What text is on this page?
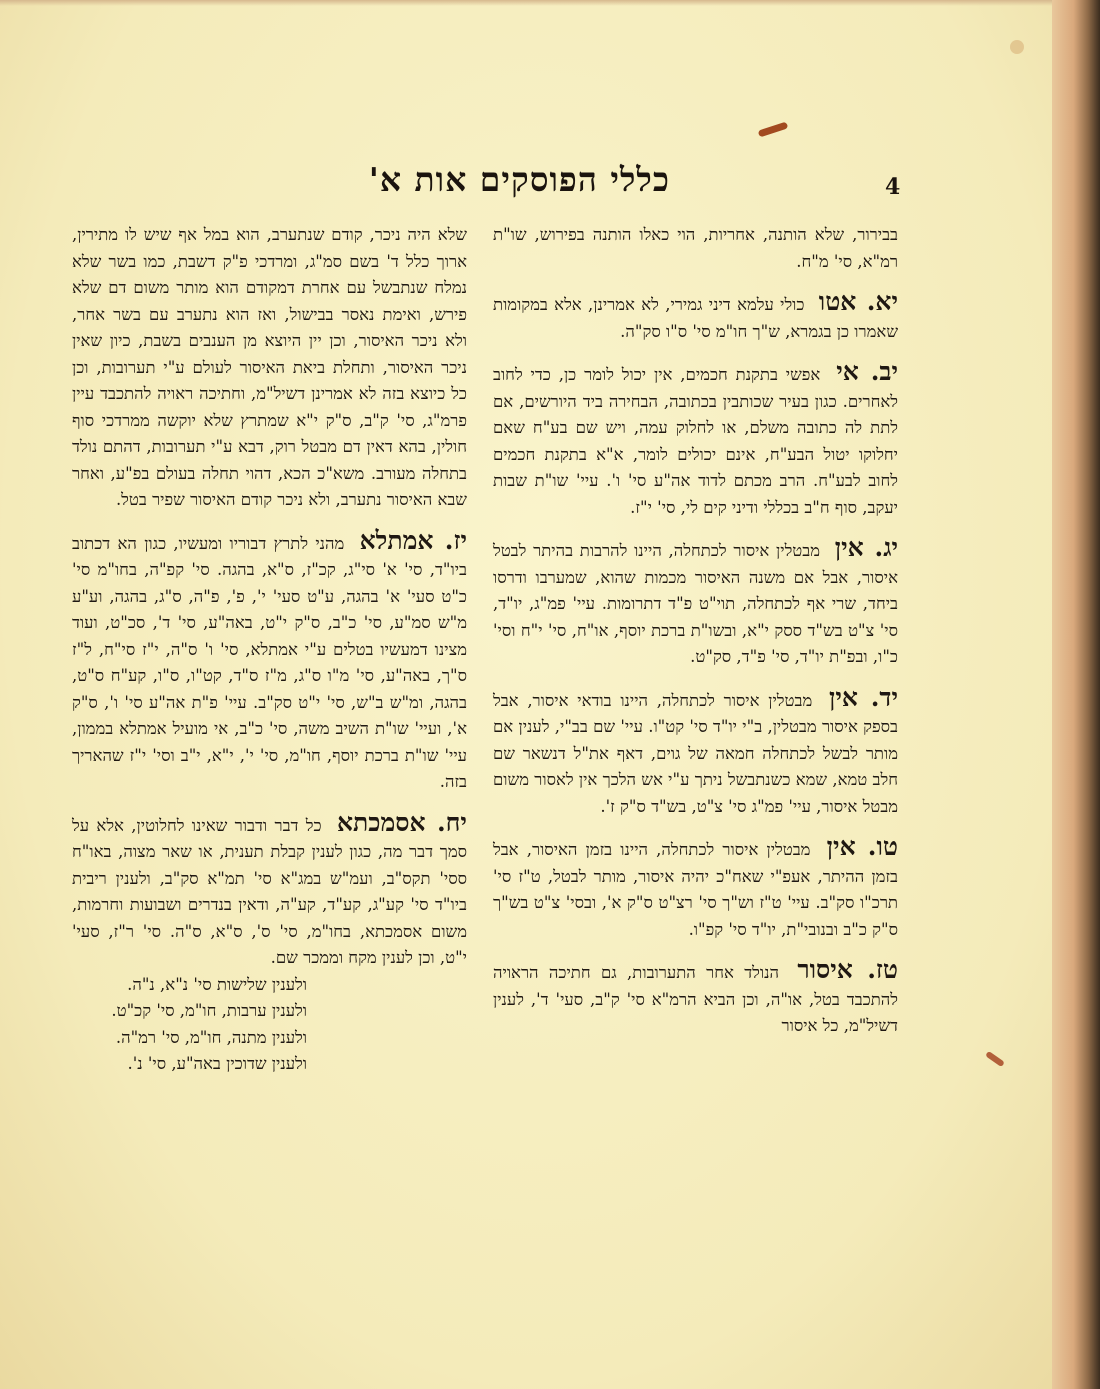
כללי הפוסקים אות א'	4

בבירור, שלא הותנה, אחריות, הוי כאלו הותנה בפירוש, שו"ת רמ"א, סי' מ"ח.

יא. אטו כולי עלמא דיני גמירי, לא אמרינן, אלא במקומות שאמרו כן בגמרא, ש"ך חו"מ סי' ס"ו סק"ה.

יב. אי אפשי בתקנת חכמים, אין יכול לומר כן, כדי לחוב לאחרים. כגון בעיר שכותבין בכתובה, הבחירה ביד היורשים, אם לתת לה כתובה משלם, או לחלוק עמה, ויש שם בע"ח שאם יחלוקו יטול הבע"ח, אינם יכולים לומר, א"א בתקנת חכמים לחוב לבע"ח. הרב מכתם לדוד אה"ע סי' ו'. עיי' שו"ת שבות יעקב, סוף ח"ב בכללי ודיני קים לי, סי' י"ז.

יג. אין מבטלין איסור לכתחלה, היינו להרבות בהיתר לבטל איסור, אבל אם משנה האיסור מכמות שהוא, שמערבו ודרסו ביחד, שרי אף לכתחלה, תוי"ט פ"ד דתרומות. עיי' פמ"ג, יו"ד, סי' צ"ט בש"ד ססק י"א, ובשו"ת ברכת יוסף, או"ח, סי' י"ח וסי' כ"ו, ובפ"ת יו"ד, סי' פ"ד, סק"ט.

יד. אין מבטלין איסור לכתחלה, היינו בודאי איסור, אבל בספק איסור מבטלין, ב"י יו"ד סי' קט"ו. עיי' שם בב"י, לענין אם מותר לבשל לכתחלה חמאה של גוים, דאף את"ל דנשאר שם חלב טמא, שמא כשנתבשל ניתך ע"י אש הלכך אין לאסור משום מבטל איסור, עיי' פמ"ג סי' צ"ט, בש"ד ס"ק ז'.

טו. אין מבטלין איסור לכתחלה, היינו בזמן האיסור, אבל בזמן ההיתר, אעפ"י שאח"כ יהיה איסור, מותר לבטל, ט"ז סי' תרכ"ו סק"ב. עיי' ט"ז וש"ך סי' רצ"ט ס"ק א', ובסי' צ"ט בש"ך ס"ק כ"ב ובנובי"ת, יו"ד סי' קפ"ו.

טז. איסור הנולד אחר התערובות, גם חתיכה הראויה להתכבד בטל, או"ה, וכן הביא הרמ"א סי' ק"ב, סעי' ד', לענין דשיל"מ, כל איסור

שלא היה ניכר, קודם שנתערב, הוא במל אף שיש לו מתירין, ארוך כלל ד' בשם סמ"ג, ומרדכי פ"ק דשבת, כמו בשר שלא נמלח שנתבשל עם אחרת דמקודם הוא מותר משום דם שלא פירש, ואימת נאסר בבישול, ואז הוא נתערב עם בשר אחר, ולא ניכר האיסור, וכן יין היוצא מן הענבים בשבת, כיון שאין ניכר האיסור, ותחלת ביאת האיסור לעולם ע"י תערובות, וכן כל כיוצא בזה לא אמרינן דשיל"מ, וחתיכה ראויה להתכבד עיין פרמ"ג, סי' ק"ב, ס"ק י"א שמתרץ שלא יוקשה ממרדכי סוף חולין, בהא דאין דם מבטל רוק, דבא ע"י תערובות, דהתם נולד בתחלה מעורב. משא"כ הכא, דהוי תחלה בעולם בפ"ע, ואחר שבא האיסור נתערב, ולא ניכר קודם האיסור שפיר בטל.

יז. אמתלא מהני לתרץ דבוריו ומעשיו, כגון הא דכתוב ביו"ד, סי' א' סי"ג, קכ"ז, ס"א, בהגה. סי' קפ"ה, בחו"מ סי' כ"ט סעי' א' בהגה, ע"ט סעי' י', פ', פ"ה, ס"ג, בהגה, וע"ע מ"ש סמ"ע, סי' כ"ב, ס"ק י"ט, באה"ע, סי' ד', סכ"ט, ועוד מצינו דמעשיו בטלים ע"י אמתלא, סי' ו' ס"ה, י"ז סי"ח, ל"ז ס"ך, באה"ע, סי' מ"ו ס"ג, מ"ז ס"ד, קט"ו, ס"ו, קע"ח ס"ט, בהגה, ומ"ש ב"ש, סי' י"ט סק"ב. עיי' פ"ת אה"ע סי' ו', ס"ק א', ועיי' שו"ת השיב משה, סי' כ"ב, אי מועיל אמתלא בממון, עיי' שו"ת ברכת יוסף, חו"מ, סי' י', י"א, י"ב וסי' י"ז שהאריך בזה.

יח. אסמכתא כל דבר ודבור שאינו לחלוטין, אלא על סמך דבר מה, כגון לענין קבלת תענית, או שאר מצוה, באו"ח ססי' תקס"ב, ועמ"ש במג"א סי' תמ"א סק"ב, ולענין ריבית ביו"ד סי' קע"ג, קע"ד, קע"ה, ודאין בנדרים ושבועות וחרמות, משום אסמכתא, בחו"מ, סי' ס', ס"א, ס"ה. סי' ר"ז, סעי' י"ט, וכן לענין מקח וממכר שם.

ולענין שלישות סי' נ"א, נ"ה.
ולענין ערבות, חו"מ, סי' קכ"ט.
ולענין מתנה, חו"מ, סי' רמ"ה.
ולענין שדוכין באה"ע, סי' נ'.
